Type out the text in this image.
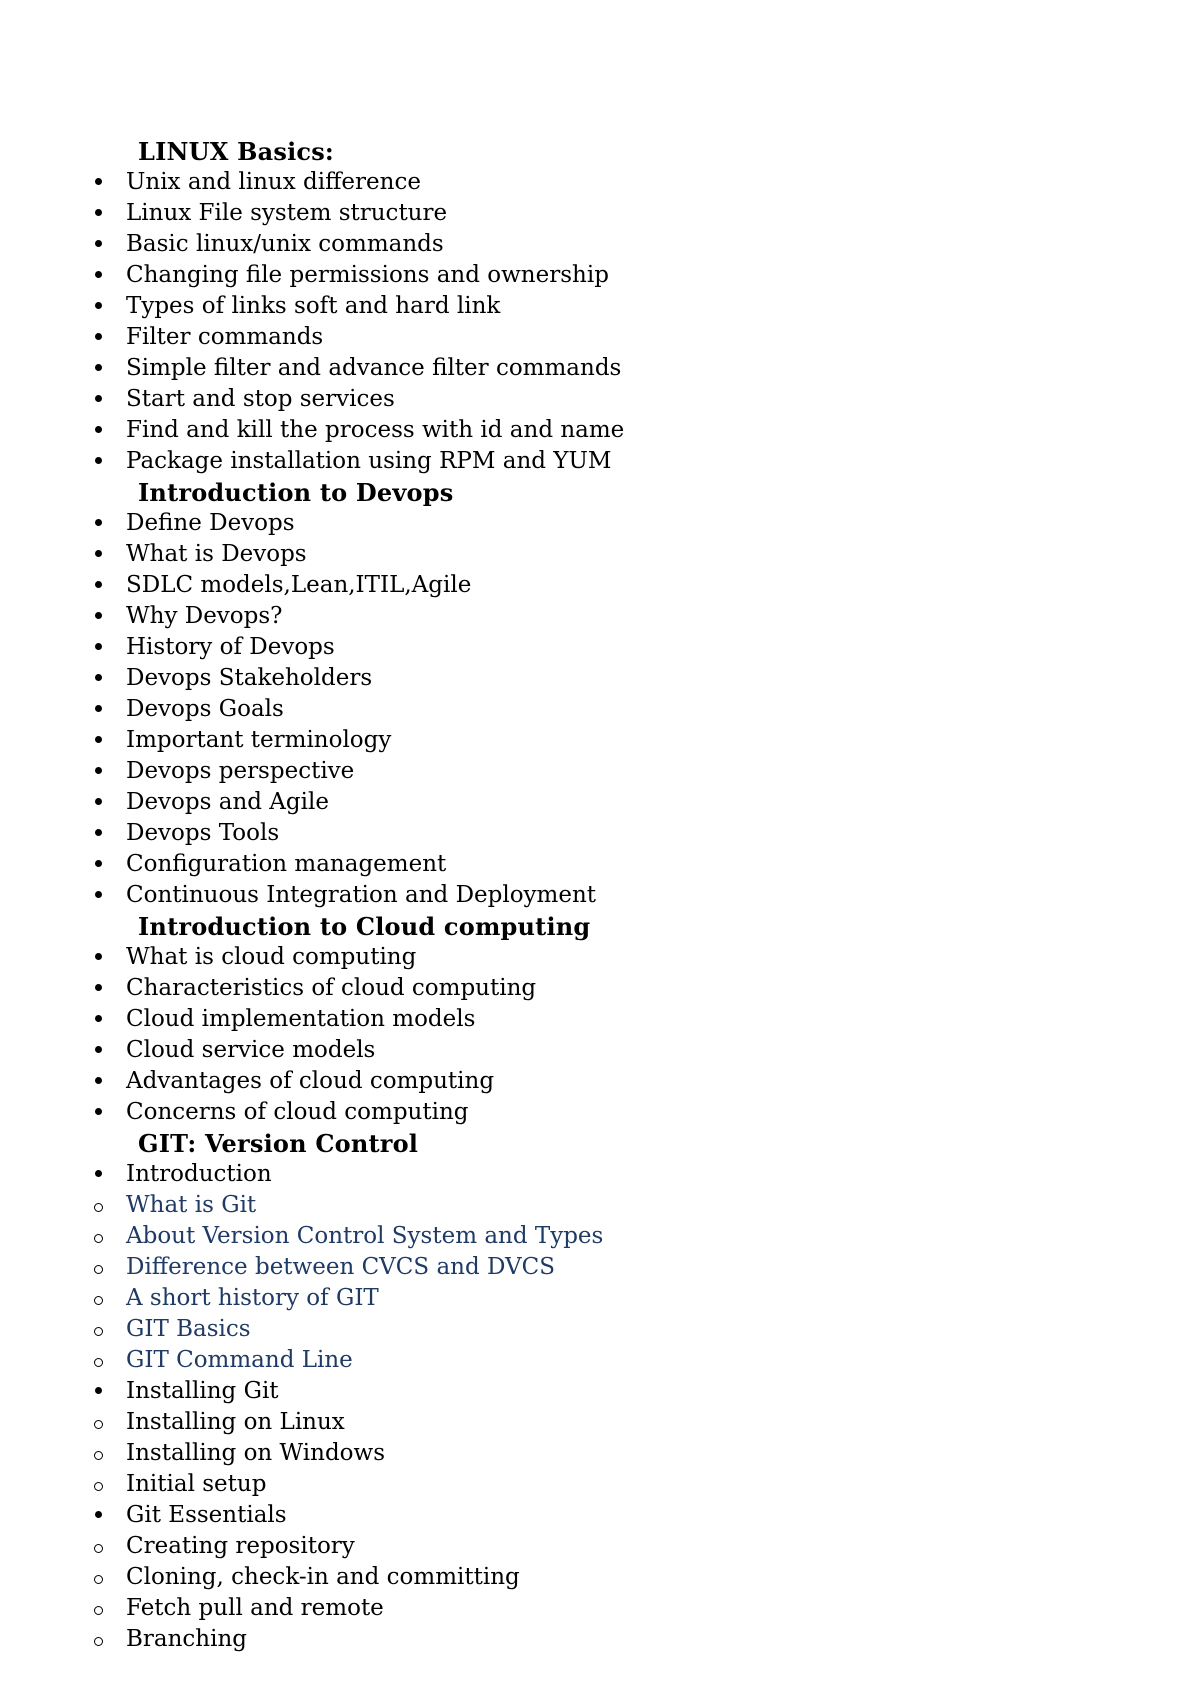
LINUX Basics:
Unix and linux difference
Linux File system structure
Basic linux/unix commands
Changing file permissions and ownership
Types of links soft and hard link
Filter commands
Simple filter and advance filter commands
Start and stop services
Find and kill the process with id and name
Package installation using RPM and YUM
Introduction to Devops
Define Devops
What is Devops
SDLC models,Lean,ITIL,Agile
Why Devops?
History of Devops
Devops Stakeholders
Devops Goals
Important terminology
Devops perspective
Devops and Agile
Devops Tools
Configuration management
Continuous Integration and Deployment
Introduction to Cloud computing
What is cloud computing
Characteristics of cloud computing
Cloud implementation models
Cloud service models
Advantages of cloud computing
Concerns of cloud computing
GIT: Version Control
Introduction
What is Git
About Version Control System and Types
Difference between CVCS and DVCS
A short history of GIT
GIT Basics
GIT Command Line
Installing Git
Installing on Linux
Installing on Windows
Initial setup
Git Essentials
Creating repository
Cloning, check-in and committing
Fetch pull and remote
Branching
